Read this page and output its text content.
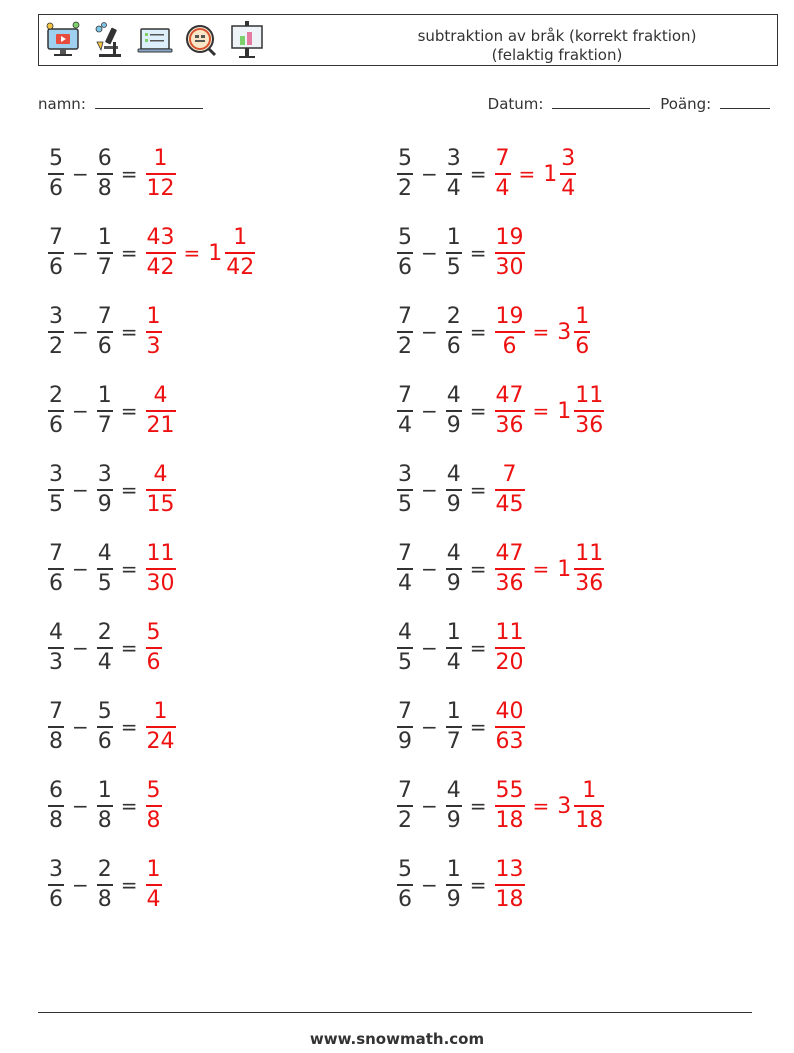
subtraktion av bråk (korrekt fraktion)
(felaktig fraktion)
namn:	Datum:	Poäng:
$\frac{5}{6} - \frac{6}{8} = \frac{1}{12}$	$\frac{5}{2} - \frac{3}{4} = \frac{7}{4} = 1 \frac{3}{4}$
$\frac{7}{6} - \frac{1}{7} = \frac{43}{42} = 1 \frac{1}{42}$	$\frac{5}{6} - \frac{1}{5} = \frac{19}{30}$
$\frac{3}{2} - \frac{7}{6} = \frac{1}{3}$	$\frac{7}{2} - \frac{2}{6} = \frac{19}{6} = 3 \frac{1}{6}$
$\frac{2}{6} - \frac{1}{7} = \frac{4}{21}$	$\frac{7}{4} - \frac{4}{9} = \frac{47}{36} = 1 \frac{11}{36}$
$\frac{3}{5} - \frac{3}{9} = \frac{4}{15}$	$\frac{3}{5} - \frac{4}{9} = \frac{7}{45}$
$\frac{7}{6} - \frac{4}{5} = \frac{11}{30}$	$\frac{7}{4} - \frac{4}{9} = \frac{47}{36} = 1 \frac{11}{36}$
$\frac{4}{3} - \frac{2}{4} = \frac{5}{6}$	$\frac{4}{5} - \frac{1}{4} = \frac{11}{20}$
$\frac{7}{8} - \frac{5}{6} = \frac{1}{24}$	$\frac{7}{9} - \frac{1}{7} = \frac{40}{63}$
$\frac{6}{8} - \frac{1}{8} = \frac{5}{8}$	$\frac{7}{2} - \frac{4}{9} = \frac{55}{18} = 3 \frac{1}{18}$
$\frac{3}{6} - \frac{2}{8} = \frac{1}{4}$	$\frac{5}{6} - \frac{1}{9} = \frac{13}{18}$
www.snowmath.com
